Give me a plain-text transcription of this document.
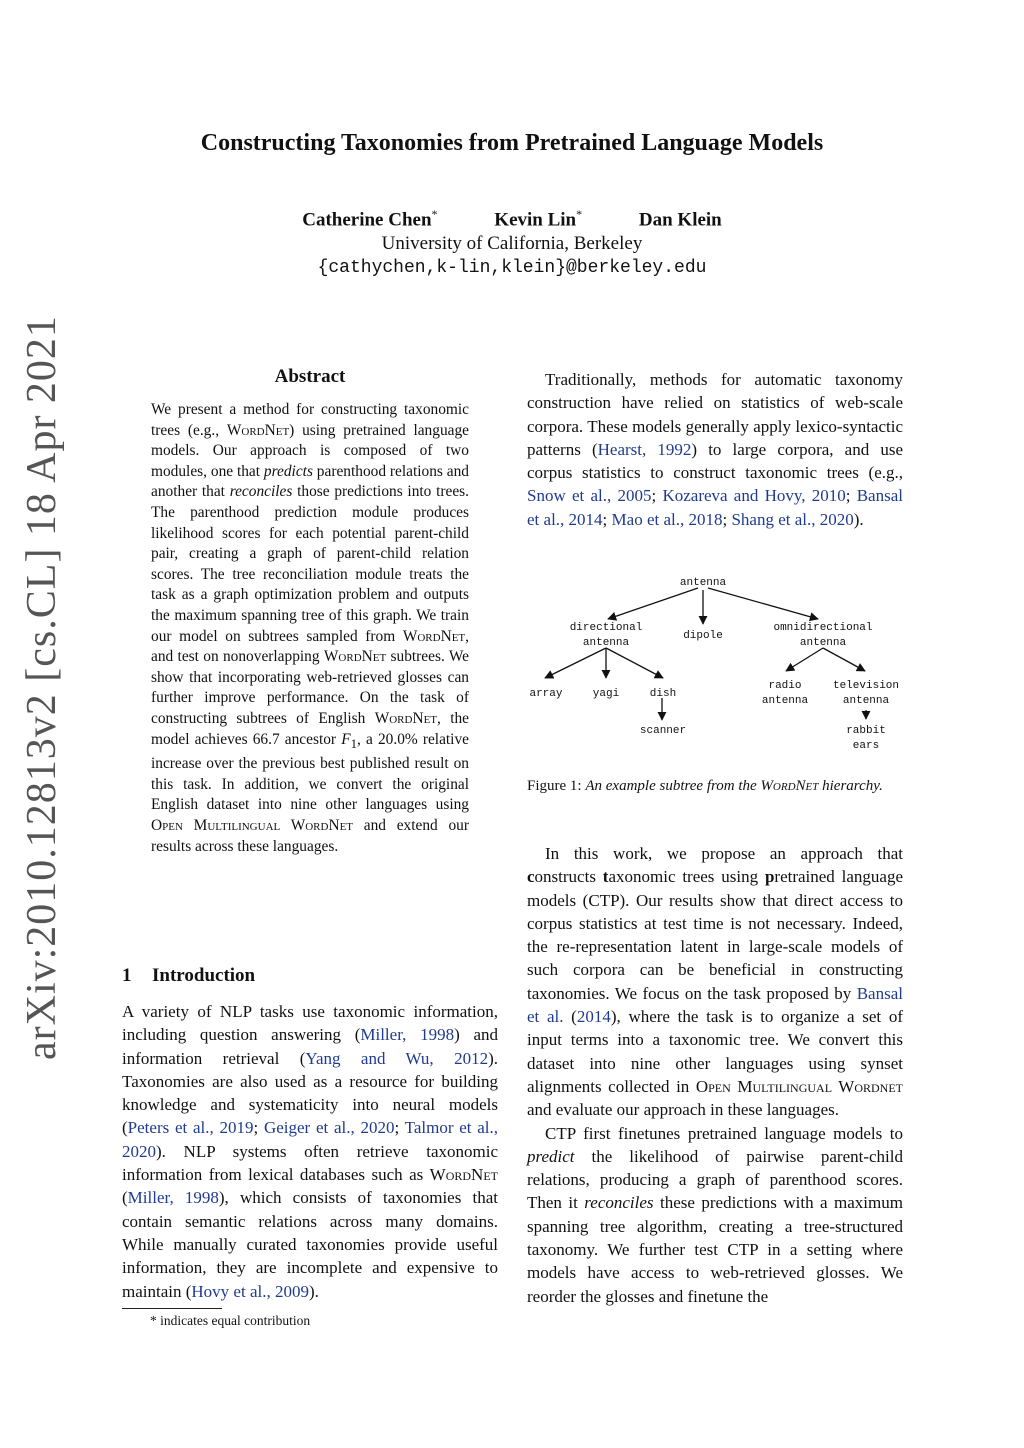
arXiv:2010.12813v2 [cs.CL] 18 Apr 2021
Constructing Taxonomies from Pretrained Language Models
Catherine Chen*	Kevin Lin*	Dan Klein
University of California, Berkeley
{cathychen,k-lin,klein}@berkeley.edu
Abstract
We present a method for constructing taxonomic trees (e.g., WordNet) using pretrained language models. Our approach is composed of two modules, one that predicts parenthood relations and another that reconciles those predictions into trees. The parenthood prediction module produces likelihood scores for each potential parent-child pair, creating a graph of parent-child relation scores. The tree reconciliation module treats the task as a graph optimization problem and outputs the maximum spanning tree of this graph. We train our model on subtrees sampled from WordNet, and test on nonoverlapping WordNet subtrees. We show that incorporating web-retrieved glosses can further improve performance. On the task of constructing subtrees of English WordNet, the model achieves 66.7 ancestor $F_1$, a 20.0% relative increase over the previous best published result on this task. In addition, we convert the original English dataset into nine other languages using Open Multilingual WordNet and extend our results across these languages.
1 Introduction

A variety of NLP tasks use taxonomic information, including question answering (Miller, 1998) and information retrieval (Yang and Wu, 2012). Taxonomies are also used as a resource for building knowledge and systematicity into neural models (Peters et al., 2019; Geiger et al., 2020; Talmor et al., 2020). NLP systems often retrieve taxonomic information from lexical databases such as WordNet (Miller, 1998), which consists of taxonomies that contain semantic relations across many domains. While manually curated taxonomies provide useful information, they are incomplete and expensive to maintain (Hovy et al., 2009).

* indicates equal contribution

Traditionally, methods for automatic taxonomy construction have relied on statistics of web-scale corpora. These models generally apply lexico-syntactic patterns (Hearst, 1992) to large corpora, and use corpus statistics to construct taxonomic trees (e.g., Snow et al., 2005; Kozareva and Hovy, 2010; Bansal et al., 2014; Mao et al., 2018; Shang et al., 2020).

antenna
directional antenna
dipole
omnidirectional antenna
array	yagi	dish
scanner
radio antenna
television antenna
rabbit ears
Figure 1: An example subtree from the WordNet hierarchy.

In this work, we propose an approach that constructs taxonomic trees using pretrained language models (CTP). Our results show that direct access to corpus statistics at test time is not necessary. Indeed, the re-representation latent in large-scale models of such corpora can be beneficial in constructing taxonomies. We focus on the task proposed by Bansal et al. (2014), where the task is to organize a set of input terms into a taxonomic tree. We convert this dataset into nine other languages using synset alignments collected in Open Multilingual Wordnet and evaluate our approach in these languages.

CTP first finetunes pretrained language models to predict the likelihood of pairwise parent-child relations, producing a graph of parenthood scores. Then it reconciles these predictions with a maximum spanning tree algorithm, creating a tree-structured taxonomy. We further test CTP in a setting where models have access to web-retrieved glosses. We reorder the glosses and finetune the
